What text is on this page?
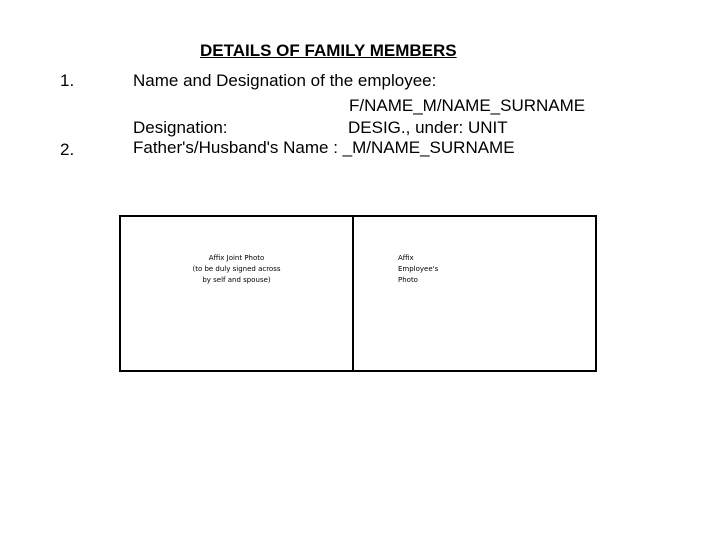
DETAILS OF FAMILY MEMBERS
1.	Name and Designation of the employee:
F/NAME_M/NAME_SURNAME
Designation:	DESIG., under: UNIT
2.	Father's/Husband's Name : _M/NAME_SURNAME
Affix Joint Photo
(to be duly signed across
by self and spouse)
Affix
Employee's
Photo
